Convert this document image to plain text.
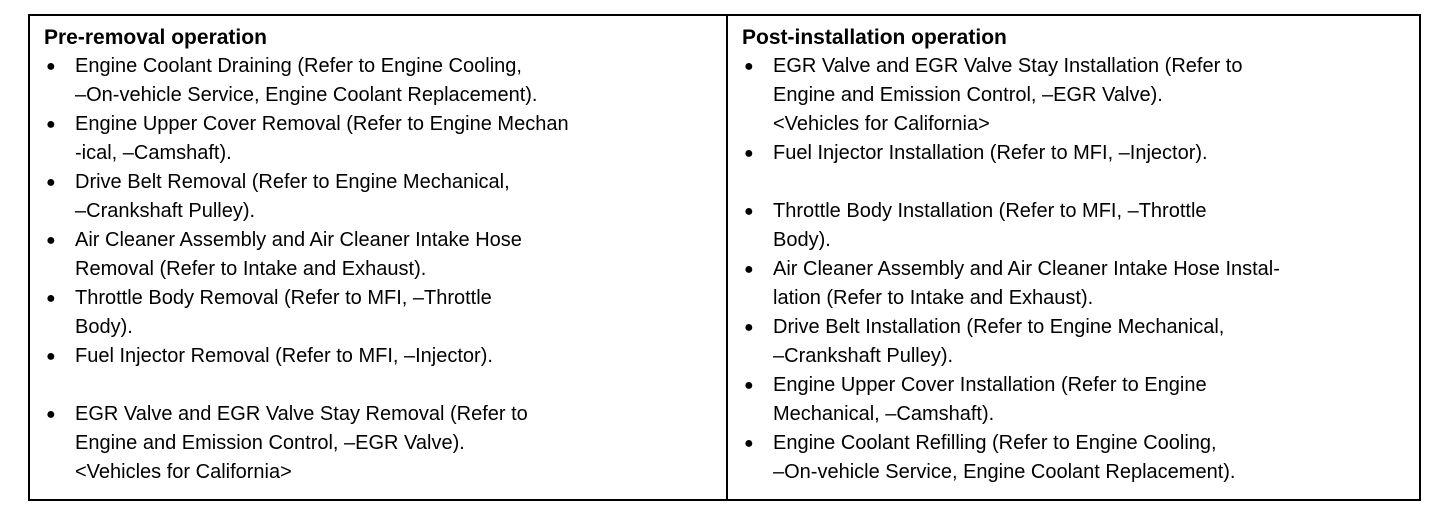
Pre-removal operation
● Engine Coolant Draining (Refer to Engine Cooling,
–On-vehicle Service, Engine Coolant Replacement).
● Engine Upper Cover Removal (Refer to Engine Mechan
-ical, –Camshaft).
● Drive Belt Removal (Refer to Engine Mechanical,
–Crankshaft Pulley).
● Air Cleaner Assembly and Air Cleaner Intake Hose
Removal (Refer to Intake and Exhaust).
● Throttle Body Removal (Refer to MFI, –Throttle
Body).
● Fuel Injector Removal (Refer to MFI, –Injector).
● EGR Valve and EGR Valve Stay Removal (Refer to
Engine and Emission Control, –EGR Valve).
<Vehicles for California>
Post-installation operation
● EGR Valve and EGR Valve Stay Installation (Refer to
Engine and Emission Control, –EGR Valve).
<Vehicles for California>
● Fuel Injector Installation (Refer to MFI, –Injector).
● Throttle Body Installation (Refer to MFI, –Throttle
Body).
● Air Cleaner Assembly and Air Cleaner Intake Hose Instal-
lation (Refer to Intake and Exhaust).
● Drive Belt Installation (Refer to Engine Mechanical,
–Crankshaft Pulley).
● Engine Upper Cover Installation (Refer to Engine
Mechanical, –Camshaft).
● Engine Coolant Refilling (Refer to Engine Cooling,
–On-vehicle Service, Engine Coolant Replacement).
